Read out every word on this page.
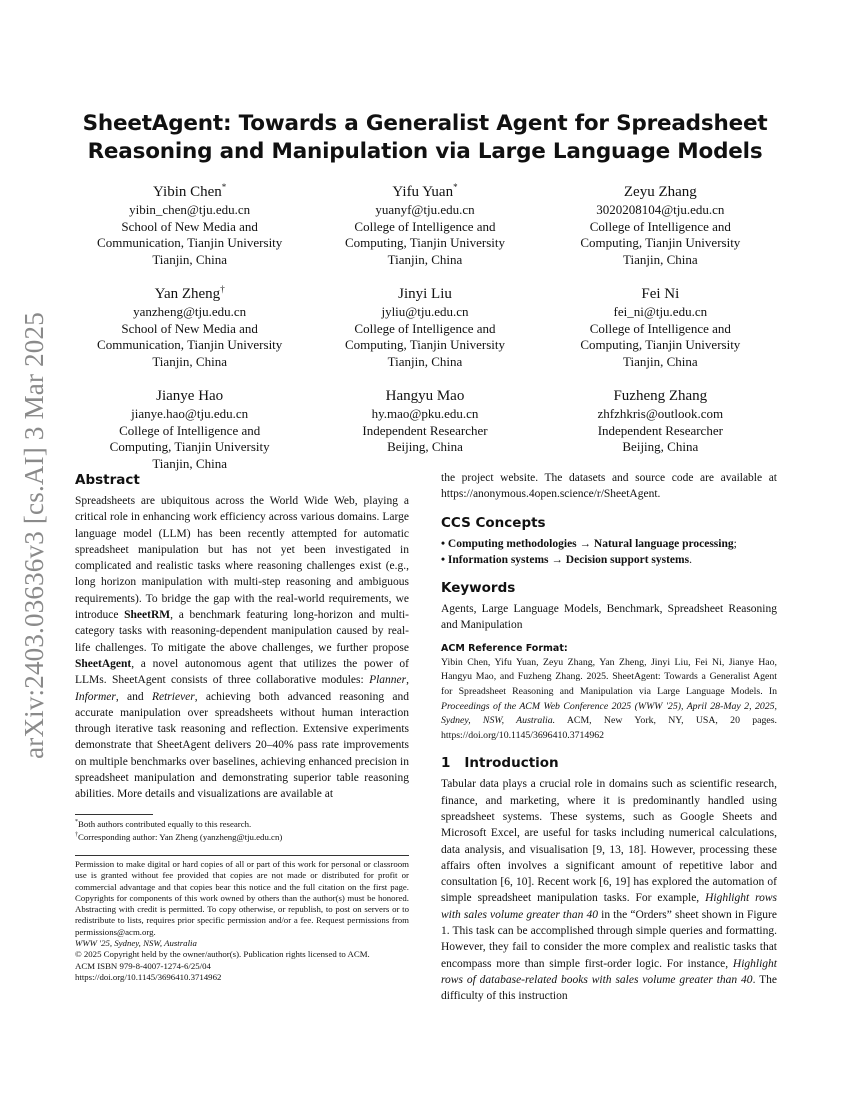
arXiv:2403.03636v3 [cs.AI] 3 Mar 2025
SheetAgent: Towards a Generalist Agent for Spreadsheet
Reasoning and Manipulation via Large Language Models
Yibin Chen*
yibin_chen@tju.edu.cn
School of New Media and
Communication, Tianjin University
Tianjin, China
Yifu Yuan*
yuanyf@tju.edu.cn
College of Intelligence and
Computing, Tianjin University
Tianjin, China
Zeyu Zhang
3020208104@tju.edu.cn
College of Intelligence and
Computing, Tianjin University
Tianjin, China
Yan Zheng†
yanzheng@tju.edu.cn
School of New Media and
Communication, Tianjin University
Tianjin, China
Jinyi Liu
jyliu@tju.edu.cn
College of Intelligence and
Computing, Tianjin University
Tianjin, China
Fei Ni
fei_ni@tju.edu.cn
College of Intelligence and
Computing, Tianjin University
Tianjin, China
Jianye Hao
jianye.hao@tju.edu.cn
College of Intelligence and
Computing, Tianjin University
Tianjin, China
Hangyu Mao
hy.mao@pku.edu.cn
Independent Researcher
Beijing, China
Fuzheng Zhang
zhfzhkris@outlook.com
Independent Researcher
Beijing, China
Abstract

Spreadsheets are ubiquitous across the World Wide Web, playing a critical role in enhancing work efficiency across various domains. Large language model (LLM) has been recently attempted for automatic spreadsheet manipulation but has not yet been investigated in complicated and realistic tasks where reasoning challenges exist (e.g., long horizon manipulation with multi-step reasoning and ambiguous requirements). To bridge the gap with the real-world requirements, we introduce SheetRM, a benchmark featuring long-horizon and multi-category tasks with reasoning-dependent manipulation caused by real-life challenges. To mitigate the above challenges, we further propose SheetAgent, a novel autonomous agent that utilizes the power of LLMs. SheetAgent consists of three collaborative modules: Planner, Informer, and Retriever, achieving both advanced reasoning and accurate manipulation over spreadsheets without human interaction through iterative task reasoning and reflection. Extensive experiments demonstrate that SheetAgent delivers 20–40% pass rate improvements on multiple benchmarks over baselines, achieving enhanced precision in spreadsheet manipulation and demonstrating superior table reasoning abilities. More details and visualizations are available at

*Both authors contributed equally to this research.
†Corresponding author: Yan Zheng (yanzheng@tju.edu.cn)

Permission to make digital or hard copies of all or part of this work for personal or classroom use is granted without fee provided that copies are not made or distributed for profit or commercial advantage and that copies bear this notice and the full citation on the first page. Copyrights for components of this work owned by others than the author(s) must be honored. Abstracting with credit is permitted. To copy otherwise, or republish, to post on servers or to redistribute to lists, requires prior specific permission and/or a fee. Request permissions from permissions@acm.org.

WWW '25, Sydney, NSW, Australia
© 2025 Copyright held by the owner/author(s). Publication rights licensed to ACM.
ACM ISBN 979-8-4007-1274-6/25/04
https://doi.org/10.1145/3696410.3714962

the project website. The datasets and source code are available at https://anonymous.4open.science/r/SheetAgent.

CCS Concepts
• Computing methodologies → Natural language processing;
• Information systems → Decision support systems.
Keywords

Agents, Large Language Models, Benchmark, Spreadsheet Reasoning and Manipulation

ACM Reference Format:

Yibin Chen, Yifu Yuan, Zeyu Zhang, Yan Zheng, Jinyi Liu, Fei Ni, Jianye Hao, Hangyu Mao, and Fuzheng Zhang. 2025. SheetAgent: Towards a Generalist Agent for Spreadsheet Reasoning and Manipulation via Large Language Models. In Proceedings of the ACM Web Conference 2025 (WWW '25), April 28-May 2, 2025, Sydney, NSW, Australia. ACM, New York, NY, USA, 20 pages. https://doi.org/10.1145/3696410.3714962

1 Introduction

Tabular data plays a crucial role in domains such as scientific research, finance, and marketing, where it is predominantly handled using spreadsheet systems. These systems, such as Google Sheets and Microsoft Excel, are useful for tasks including numerical calculations, data analysis, and visualisation [9, 13, 18]. However, processing these affairs often involves a significant amount of repetitive labor and consultation [6, 10]. Recent work [6, 19] has explored the automation of simple spreadsheet manipulation tasks. For example, Highlight rows with sales volume greater than 40 in the “Orders” sheet shown in Figure 1. This task can be accomplished through simple queries and formatting. However, they fail to consider the more complex and realistic tasks that encompass more than simple first-order logic. For instance, Highlight rows of database-related books with sales volume greater than 40. The difficulty of this instruction
